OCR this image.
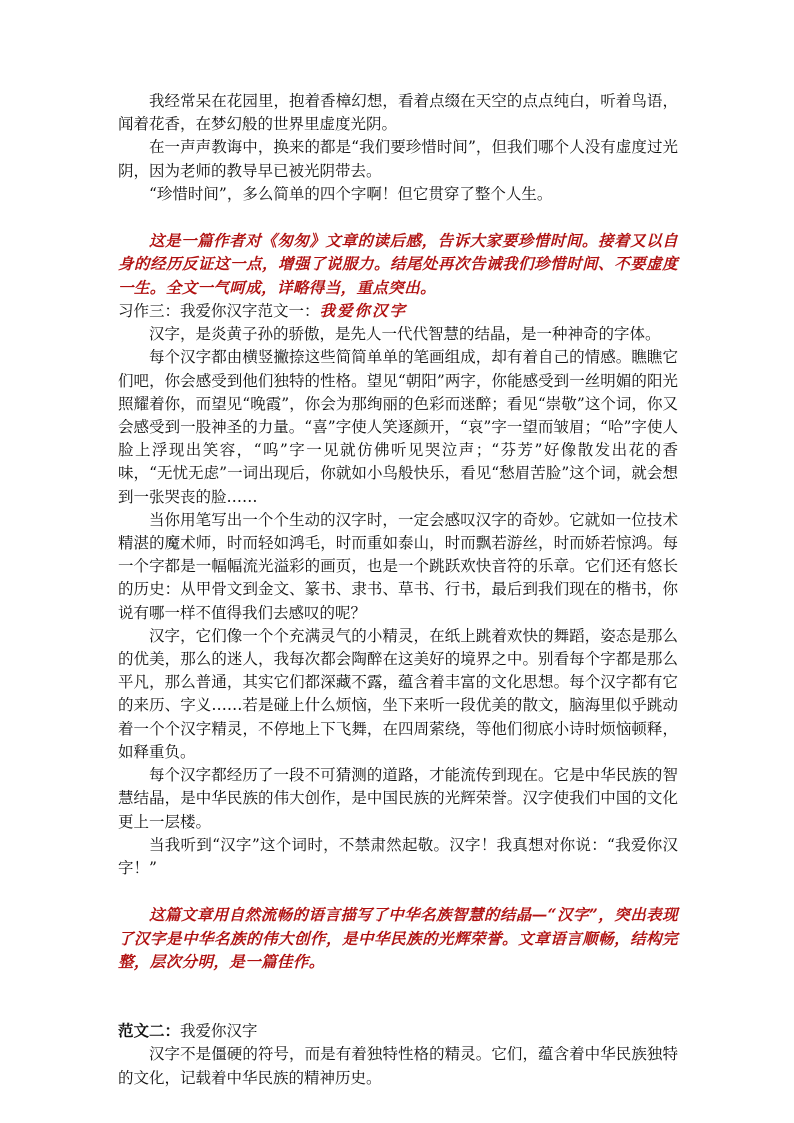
我经常呆在花园里，抱着香樟幻想，看着点缀在天空的点点纯白，听着鸟语，闻着花香，在梦幻般的世界里虚度光阴。

在一声声教诲中，换来的都是“我们要珍惜时间”，但我们哪个人没有虚度过光阴，因为老师的教导早已被光阴带去。

“珍惜时间”，多么简单的四个字啊！但它贯穿了整个人生。

这是一篇作者对《匆匆》文章的读后感，告诉大家要珍惜时间。接着又以自身的经历反证这一点，增强了说服力。结尾处再次告诫我们珍惜时间、不要虚度一生。全文一气呵成，详略得当，重点突出。

习作三：我爱你汉字范文一：我爱你汉字

汉字，是炎黄子孙的骄傲，是先人一代代智慧的结晶，是一种神奇的字体。

每个汉字都由横竖撇捺这些简简单单的笔画组成，却有着自己的情感。瞧瞧它们吧，你会感受到他们独特的性格。望见“朝阳”两字，你能感受到一丝明媚的阳光照耀着你，而望见“晚霞”，你会为那绚丽的色彩而迷醉；看见“崇敬”这个词，你又会感受到一股神圣的力量。“喜”字使人笑逐颜开，“哀”字一望而皱眉；“哈”字使人脸上浮现出笑容，“呜”字一见就仿佛听见哭泣声；“芬芳”好像散发出花的香味，“无忧无虑”一词出现后，你就如小鸟般快乐，看见“愁眉苦脸”这个词，就会想到一张哭丧的脸……

当你用笔写出一个个生动的汉字时，一定会感叹汉字的奇妙。它就如一位技术精湛的魔术师，时而轻如鸿毛，时而重如泰山，时而飘若游丝，时而娇若惊鸿。每一个字都是一幅幅流光溢彩的画页，也是一个跳跃欢快音符的乐章。它们还有悠长的历史：从甲骨文到金文、篆书、隶书、草书、行书，最后到我们现在的楷书，你说有哪一样不值得我们去感叹的呢？

汉字，它们像一个个充满灵气的小精灵，在纸上跳着欢快的舞蹈，姿态是那么的优美，那么的迷人，我每次都会陶醉在这美好的境界之中。别看每个字都是那么平凡，那么普通，其实它们都深藏不露，蕴含着丰富的文化思想。每个汉字都有它的来历、字义……若是碰上什么烦恼，坐下来听一段优美的散文，脑海里似乎跳动着一个个汉字精灵，不停地上下飞舞，在四周萦绕，等他们彻底小诗时烦恼顿释，如释重负。

每个汉字都经历了一段不可猜测的道路，才能流传到现在。它是中华民族的智慧结晶，是中华民族的伟大创作，是中国民族的光辉荣誉。汉字使我们中国的文化更上一层楼。

当我听到“汉字”这个词时，不禁肃然起敬。汉字！我真想对你说：“我爱你汉字！”

这篇文章用自然流畅的语言描写了中华名族智慧的结晶—“汉字”，突出表现了汉字是中华名族的伟大创作，是中华民族的光辉荣誉。文章语言顺畅，结构完整，层次分明，是一篇佳作。

范文二：我爱你汉字

汉字不是僵硬的符号，而是有着独特性格的精灵。它们，蕴含着中华民族独特的文化，记载着中华民族的精神历史。
